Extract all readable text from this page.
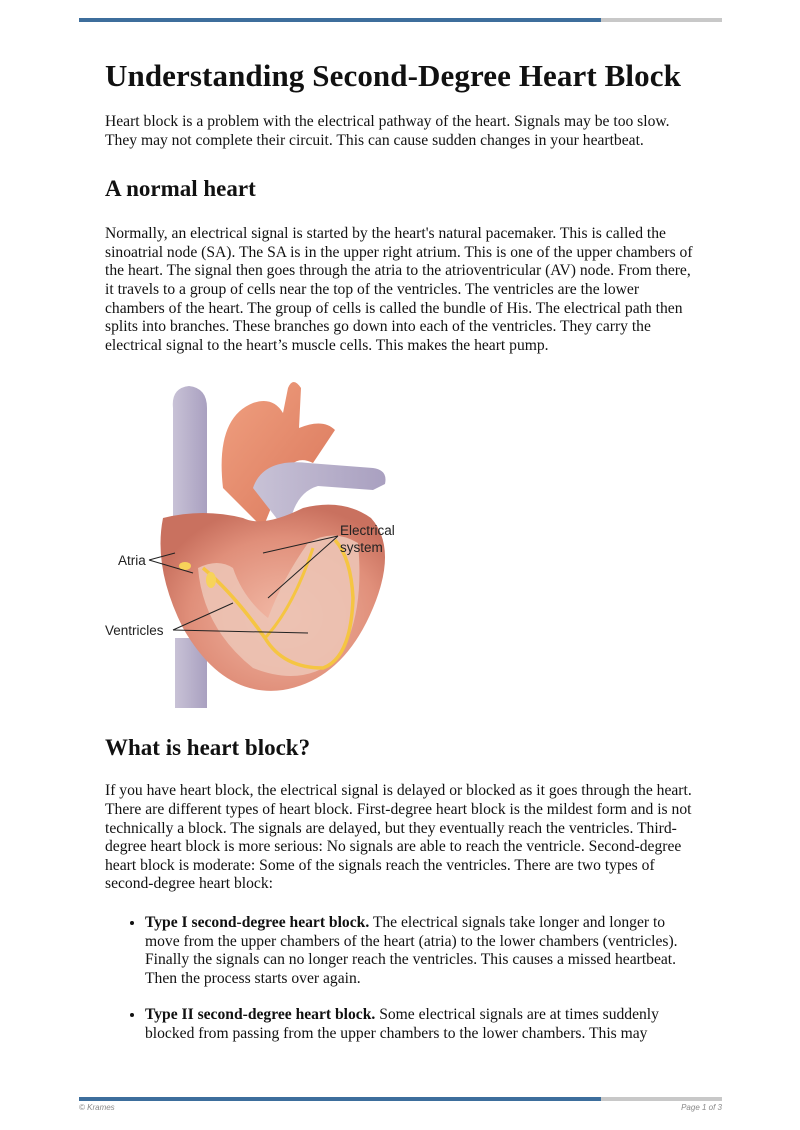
Understanding Second-Degree Heart Block

Heart block is a problem with the electrical pathway of the heart. Signals may be too slow. They may not complete their circuit. This can cause sudden changes in your heartbeat.

A normal heart

Normally, an electrical signal is started by the heart's natural pacemaker. This is called the sinoatrial node (SA). The SA is in the upper right atrium. This is one of the upper chambers of the heart. The signal then goes through the atria to the atrioventricular (AV) node. From there, it travels to a group of cells near the top of the ventricles. The ventricles are the lower chambers of the heart. The group of cells is called the bundle of His. The electrical path then splits into branches. These branches go down into each of the ventricles. They carry the electrical signal to the heart’s muscle cells. This makes the heart pump.

Electrical
system
Atria
Ventricles
What is heart block?

If you have heart block, the electrical signal is delayed or blocked as it goes through the heart. There are different types of heart block. First-degree heart block is the mildest form and is not technically a block. The signals are delayed, but they eventually reach the ventricles. Third-degree heart block is more serious: No signals are able to reach the ventricle. Second-degree heart block is moderate: Some of the signals reach the ventricles. There are two types of second-degree heart block:

• Type I second-degree heart block. The electrical signals take longer and longer to move from the upper chambers of the heart (atria) to the lower chambers (ventricles). Finally the signals can no longer reach the ventricles. This causes a missed heartbeat. Then the process starts over again.
• Type II second-degree heart block. Some electrical signals are at times suddenly blocked from passing from the upper chambers to the lower chambers. This may
© Krames	Page 1 of 3
